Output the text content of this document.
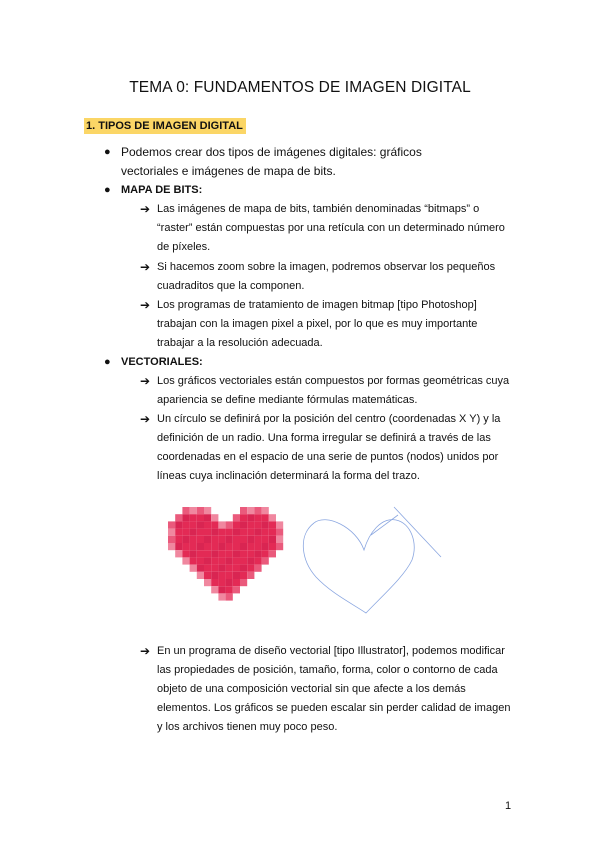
TEMA 0: FUNDAMENTOS DE IMAGEN DIGITAL
1. TIPOS DE IMAGEN DIGITAL
● Podemos crear dos tipos de imágenes digitales: gráficos vectoriales e imágenes de mapa de bits.
● MAPA DE BITS:
➔ Las imágenes de mapa de bits, también denominadas “bitmaps” o
“raster” están compuestas por una retícula con un determinado número
de píxeles.
➔ Si hacemos zoom sobre la imagen, podremos observar los pequeños
cuadraditos que la componen.
➔ Los programas de tratamiento de imagen bitmap [tipo Photoshop]
trabajan con la imagen pixel a pixel, por lo que es muy importante
trabajar a la resolución adecuada.
● VECTORIALES:
➔ Los gráficos vectoriales están compuestos por formas geométricas cuya
apariencia se define mediante fórmulas matemáticas.
➔ Un círculo se definirá por la posición del centro (coordenadas X Y) y la
definición de un radio. Una forma irregular se definirá a través de las
coordenadas en el espacio de una serie de puntos (nodos) unidos por
líneas cuya inclinación determinará la forma del trazo.
➔ En un programa de diseño vectorial [tipo Illustrator], podemos modificar
las propiedades de posición, tamaño, forma, color o contorno de cada
objeto de una composición vectorial sin que afecte a los demás
elementos. Los gráficos se pueden escalar sin perder calidad de imagen
y los archivos tienen muy poco peso.
1
